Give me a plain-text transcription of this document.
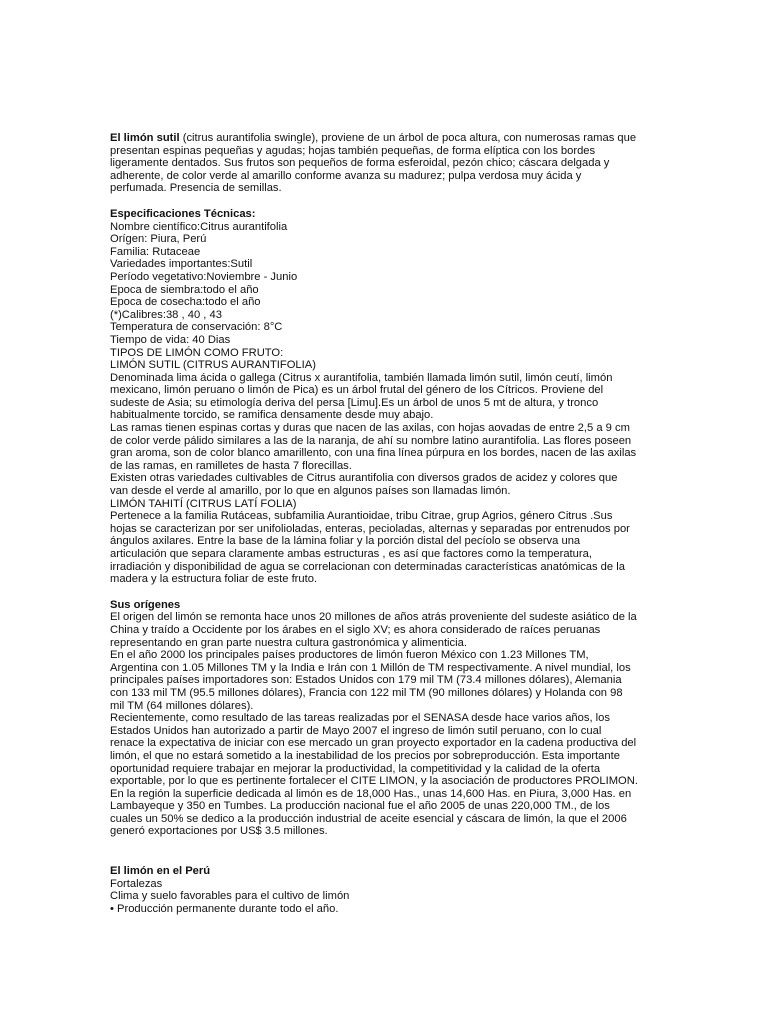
El limón sutil (citrus aurantifolia swingle), proviene de un árbol de poca altura, con numerosas ramas que
presentan espinas pequeñas y agudas; hojas también pequeñas, de forma elíptica con los bordes
ligeramente dentados. Sus frutos son pequeños de forma esferoidal, pezón chico; cáscara delgada y
adherente, de color verde al amarillo conforme avanza su madurez; pulpa verdosa muy ácida y
perfumada. Presencia de semillas.
Especificaciones Técnicas:
Nombre científico:Citrus aurantifolia
Orígen: Piura, Perú
Familia: Rutaceae
Variedades importantes:Sutil
Período vegetativo:Noviembre - Junio
Epoca de siembra:todo el año
Epoca de cosecha:todo el año
(*)Calibres:38 , 40 , 43
Temperatura de conservación: 8°C
Tiempo de vida: 40 Dias
TIPOS DE LIMÓN COMO FRUTO:
LIMÓN SUTIL (CITRUS AURANTIFOLIA)
Denominada lima ácida o gallega (Citrus x aurantifolia, también llamada limón sutil, limón ceutí, limón
mexicano, limón peruano o limón de Pica) es un árbol frutal del género de los Cítricos. Proviene del
sudeste de Asia; su etimología deriva del persa [Limu].Es un árbol de unos 5 mt de altura, y tronco
habitualmente torcido, se ramifica densamente desde muy abajo.
Las ramas tienen espinas cortas y duras que nacen de las axilas, con hojas aovadas de entre 2,5 a 9 cm
de color verde pálido similares a las de la naranja, de ahí su nombre latino aurantifolia. Las flores poseen
gran aroma, son de color blanco amarillento, con una fina línea púrpura en los bordes, nacen de las axilas
de las ramas, en ramilletes de hasta 7 florecillas.
Existen otras variedades cultivables de Citrus aurantifolia con diversos grados de acidez y colores que
van desde el verde al amarillo, por lo que en algunos países son llamadas limón.
LIMÓN TAHITÍ (CITRUS LATÍ FOLIA)
Pertenece a la familia Rutáceas, subfamilia Aurantioidae, tribu Citrae, grup Agrios, género Citrus .Sus
hojas se caracterizan por ser unifolioladas, enteras, pecioladas, alternas y separadas por entrenudos por
ángulos axilares. Entre la base de la lámina foliar y la porción distal del pecíolo se observa una
articulación que separa claramente ambas estructuras , es así que factores como la temperatura,
irradiación y disponibilidad de agua se correlacionan con determinadas características anatómicas de la
madera y la estructura foliar de este fruto.
Sus orígenes
El origen del limón se remonta hace unos 20 millones de años atrás proveniente del sudeste asiático de la
China y traído a Occidente por los árabes en el siglo XV; es ahora considerado de raíces peruanas
representando en gran parte nuestra cultura gastronómica y alimenticia.
En el año 2000 los principales países productores de limón fueron México con 1.23 Millones TM,
Argentina con 1.05 Millones TM y la India e Irán con 1 Millón de TM respectivamente. A nivel mundial, los
principales países importadores son: Estados Unidos con 179 mil TM (73.4 millones dólares), Alemania
con 133 mil TM (95.5 millones dólares), Francia con 122 mil TM (90 millones dólares) y Holanda con 98
mil TM (64 millones dólares).
Recientemente, como resultado de las tareas realizadas por el SENASA desde hace varios años, los
Estados Unidos han autorizado a partir de Mayo 2007 el ingreso de limón sutil peruano, con lo cual
renace la expectativa de iniciar con ese mercado un gran proyecto exportador en la cadena productiva del
limón, el que no estará sometido a la inestabilidad de los precios por sobreproducción. Esta importante
oportunidad requiere trabajar en mejorar la productividad, la competitividad y la calidad de la oferta
exportable, por lo que es pertinente fortalecer el CITE LIMON, y la asociación de productores PROLIMON.
En la región la superficie dedicada al limón es de 18,000 Has., unas 14,600 Has. en Piura, 3,000 Has. en
Lambayeque y 350 en Tumbes. La producción nacional fue el año 2005 de unas 220,000 TM., de los
cuales un 50% se dedico a la producción industrial de aceite esencial y cáscara de limón, la que el 2006
generó exportaciones por US$ 3.5 millones.
El limón en el Perú
Fortalezas
Clima y suelo favorables para el cultivo de limón
• Producción permanente durante todo el año.
